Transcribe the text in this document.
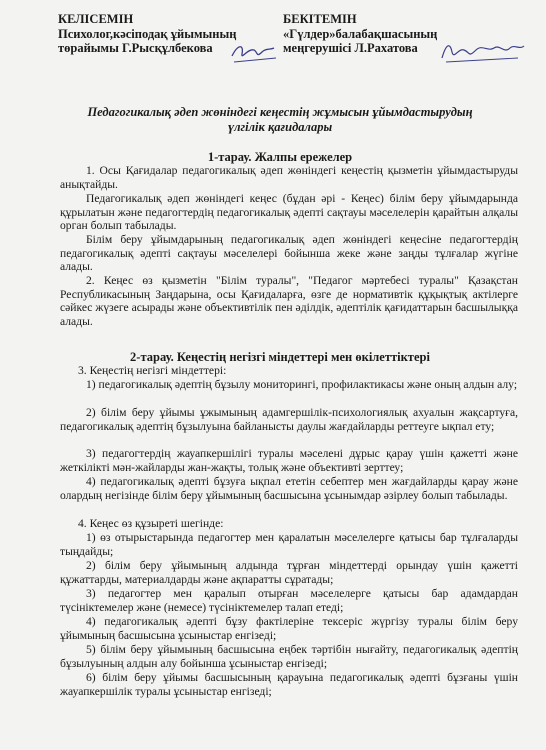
КЕЛІСЕМІН
Психолог,кәсіподақ ұйымының
төрайымы Г.Рысқұлбекова
БЕКІТЕМІН
«Гүлдер»балабақшасының
меңгерушісі Л.Рахатова
Педагогикалық әдеп жөніндегі кеңестің жұмысын ұйымдастырудың
үлгілік қағидалары
1-тарау. Жалпы ережелер
1. Осы Қағидалар педагогикалық әдеп жөніндегі кеңестің қызметін ұйымдастыруды анықтайды.
Педагогикалық әдеп жөніндегі кеңес (бұдан әрі - Кеңес) білім беру ұйымдарында құрылатын және педагогтердің педагогикалық әдепті сақтауы мәселелерін қарайтын алқалы орган болып табылады.
Білім беру ұйымдарының педагогикалық әдеп жөніндегі кеңесіне педагогтердің педагогикалық әдепті сақтауы мәселелері бойынша жеке және заңды тұлғалар жүгіне алады.
2. Кеңес өз қызметін "Білім туралы", "Педагог мәртебесі туралы" Қазақстан Республикасының Заңдарына, осы Қағидаларға, өзге де нормативтік құқықтық актілерге сәйкес жүзеге асырады және объективтілік пен әділдік, әдептілік қағидаттарын басшылыққа алады.
2-тарау. Кеңестің негізгі міндеттері мен өкілеттіктері
3. Кеңестің негізгі міндеттері:
1) педагогикалық әдептің бұзылу мониторингі, профилактикасы және оның алдын алу;
2) білім беру ұйымы ұжымының адамгершілік-психологиялық ахуалын жақсартуға, педагогикалық әдептің бұзылуына байланысты даулы жағдайларды реттеуге ықпал ету;
3) педагогтердің жауапкершілігі туралы мәселені дұрыс қарау үшін қажетті және жеткілікті мән-жайларды жан-жақты, толық және объективті зерттеу;
4) педагогикалық әдепті бұзуға ықпал ететін себептер мен жағдайларды қарау және олардың негізінде білім беру ұйымының басшысына ұсынымдар әзірлеу болып табылады.
4. Кеңес өз құзыреті шегінде:
1) өз отырыстарында педагогтер мен қаралатын мәселелерге қатысы бар тұлғаларды тыңдайды;
2) білім беру ұйымының алдында тұрған міндеттерді орындау үшін қажетті құжаттарды, материалдарды және ақпаратты сұратады;
3) педагогтер мен қаралып отырған мәселелерге қатысы бар адамдардан түсініктемелер және (немесе) түсініктемелер талап етеді;
4) педагогикалық әдепті бұзу фактілеріне тексеріс жүргізу туралы білім беру ұйымының басшысына ұсыныстар енгізеді;
5) білім беру ұйымының басшысына еңбек тәртібін нығайту, педагогикалық әдептің бұзылуының алдын алу бойынша ұсыныстар енгізеді;
6) білім беру ұйымы басшысының қарауына педагогикалық әдепті бұзғаны үшін жауапкершілік туралы ұсыныстар енгізеді;
